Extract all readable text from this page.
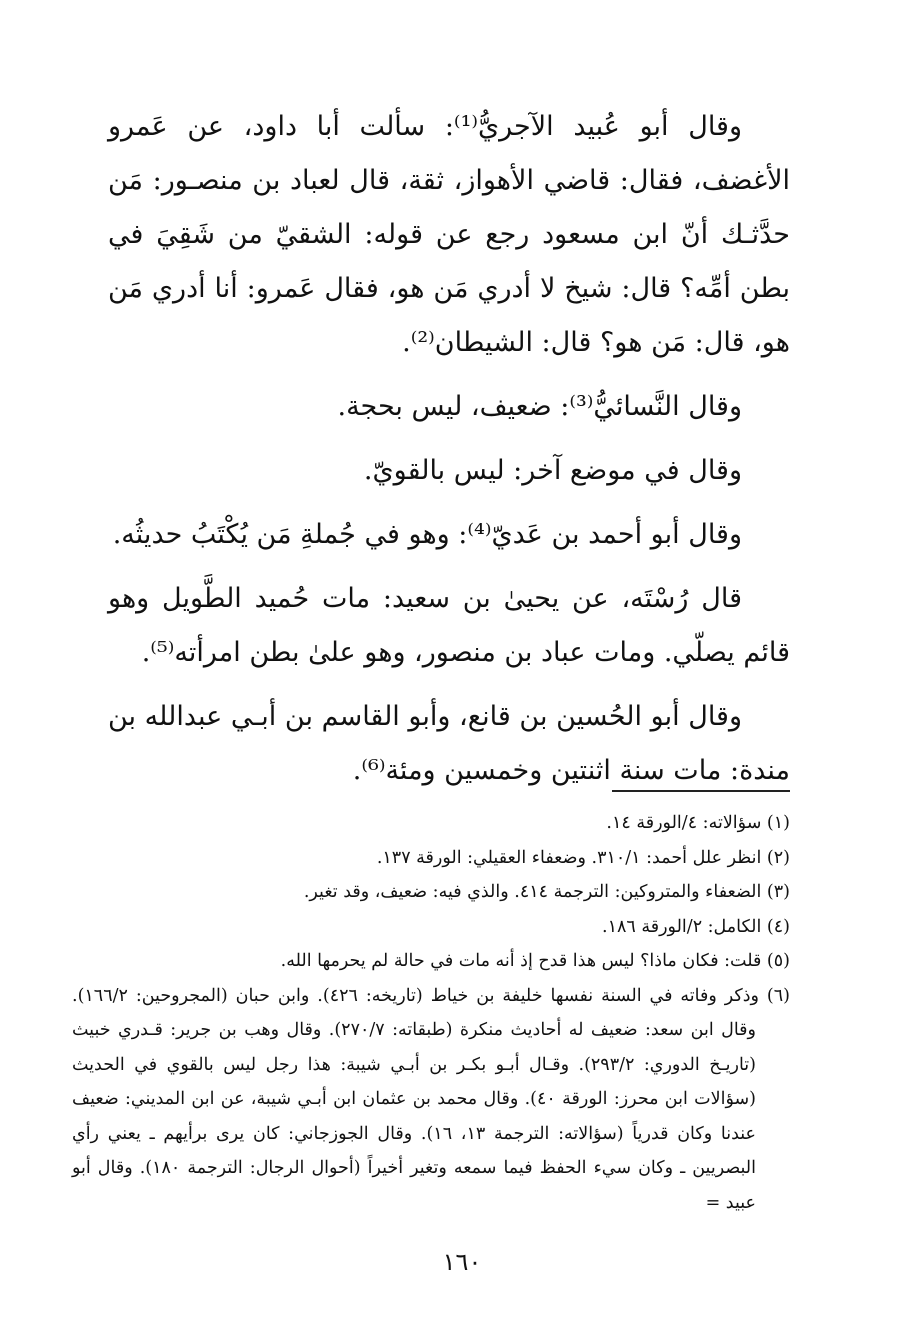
وقال أبو عُبيد الآجريُّ⁽¹⁾: سألت أبا داود، عن عَمرو الأغضف، فقال: قاضي الأهواز، ثقة، قال لعباد بن منصـور: مَن حدَّثـك أنّ ابن مسعود رجع عن قوله: الشقيّ من شَقِيَ في بطن أمِّه؟ قال: شيخ لا أدري مَن هو، فقال عَمرو: أنا أدري مَن هو، قال: مَن هو؟ قال: الشيطان⁽²⁾.

وقال النَّسائيُّ⁽³⁾: ضعيف، ليس بحجة.

وقال في موضع آخر: ليس بالقويّ.

وقال أبو أحمد بن عَديّ⁽⁴⁾: وهو في جُملةِ مَن يُكْتَبُ حديثُه.

قال رُسْتَه، عن يحيىٰ بن سعيد: مات حُميد الطَّويل وهو قائم يصلّي. ومات عباد بن منصور، وهو علىٰ بطن امرأته⁽⁵⁾.

وقال أبو الحُسين بن قانع، وأبو القاسم بن أبـي عبدالله بن مندة: مات سنة اثنتين وخمسين ومئة⁽⁶⁾.

(١) سؤالاته: ٤/الورقة ١٤.

(٢) انظر علل أحمد: ٣١٠/١. وضعفاء العقيلي: الورقة ١٣٧.

(٣) الضعفاء والمتروكين: الترجمة ٤١٤. والذي فيه: ضعيف، وقد تغير.

(٤) الكامل: ٢/الورقة ١٨٦.

(٥) قلت: فكان ماذا؟ ليس هذا قدح إذ أنه مات في حالة لم يحرمها الله.

(٦) وذكر وفاته في السنة نفسها خليفة بن خياط (تاريخه: ٤٢٦). وابن حبان (المجروحين: ١٦٦/٢). وقال ابن سعد: ضعيف له أحاديث منكرة (طبقاته: ٢٧٠/٧). وقال وهب بن جرير: قـدري خبيث (تاريـخ الدوري: ٢٩٣/٢). وقـال أبـو بكـر بن أبـي شيبة: هذا رجل ليس بالقوي في الحديث (سؤالات ابن محرز: الورقة ٤٠). وقال محمد بن عثمان ابن أبـي شيبة، عن ابن المديني: ضعيف عندنا وكان قدرياً (سؤالاته: الترجمة ١٣، ١٦). وقال الجوزجاني: كان يرى برأيهم ـ يعني رأي البصريين ـ وكان سيء الحفظ فيما سمعه وتغير أخيراً (أحوال الرجال: الترجمة ١٨٠). وقال أبو عبيد =

١٦٠
